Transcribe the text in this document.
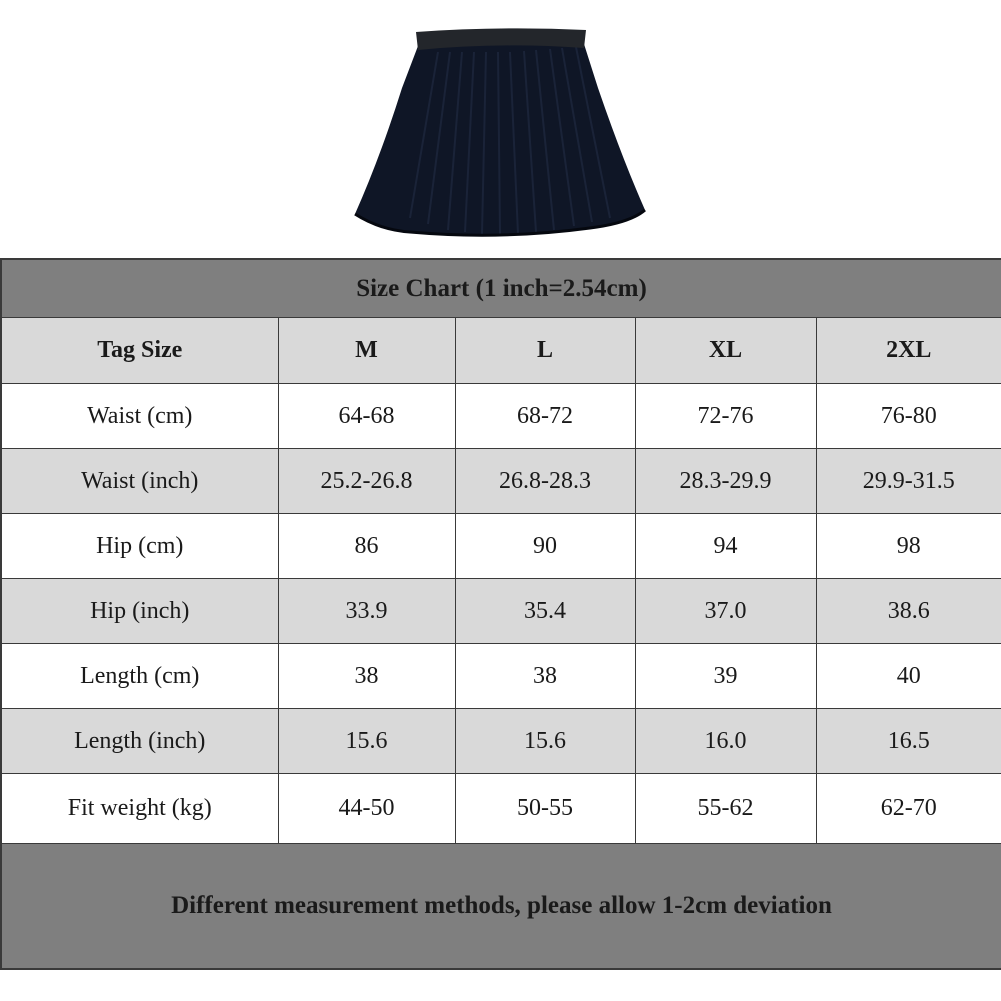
Size Chart (1 inch=2.54cm)				
Tag Size	M	L	XL	2XL
Waist (cm)	64-68	68-72	72-76	76-80
Waist (inch)	25.2-26.8	26.8-28.3	28.3-29.9	29.9-31.5
Hip (cm)	86	90	94	98
Hip (inch)	33.9	35.4	37.0	38.6
Length (cm)	38	38	39	40
Length (inch)	15.6	15.6	16.0	16.5
Fit weight (kg)	44-50	50-55	55-62	62-70
Different measurement methods, please allow 1-2cm deviation				
